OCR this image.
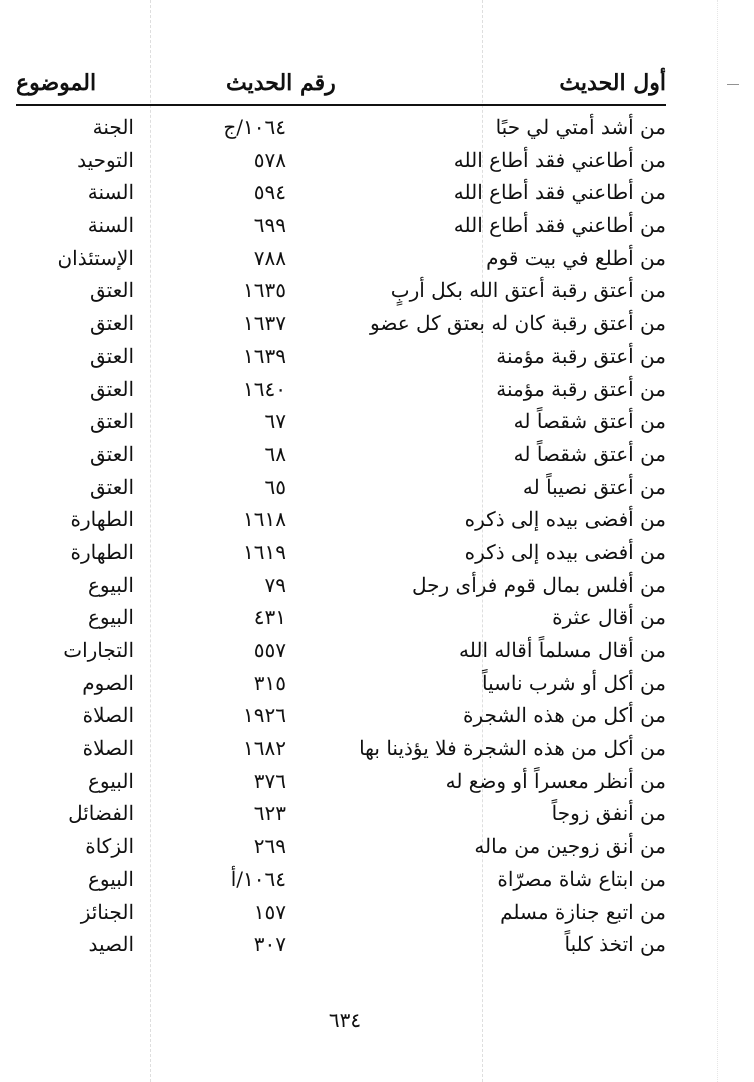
أول الحديث
رقم الحديث
الموضوع
من أشد أمتي لي حبًا
١٠٦٤/ج
الجنة
من أطاعني فقد أطاع الله
٥٧٨
التوحيد
من أطاعني فقد أطاع الله
٥٩٤
السنة
من أطاعني فقد أطاع الله
٦٩٩
السنة
من أطلع في بيت قوم
٧٨٨
الإستئذان
من أعتق رقبة أعتق الله بكل أربٍ
١٦٣٥
العتق
من أعتق رقبة كان له بعتق كل عضو
١٦٣٧
العتق
من أعتق رقبة مؤمنة
١٦٣٩
العتق
من أعتق رقبة مؤمنة
١٦٤٠
العتق
من أعتق شقصاً له
٦٧
العتق
من أعتق شقصاً له
٦٨
العتق
من أعتق نصيباً له
٦٥
العتق
من أفضى بيده إلى ذكره
١٦١٨
الطهارة
من أفضى بيده إلى ذكره
١٦١٩
الطهارة
من أفلس بمال قوم فرأى رجل
٧٩
البيوع
من أقال عثرة
٤٣١
البيوع
من أقال مسلماً أقاله الله
٥٥٧
التجارات
من أكل أو شرب ناسياً
٣١٥
الصوم
من أكل من هذه الشجرة
١٩٢٦
الصلاة
من أكل من هذه الشجرة فلا يؤذينا بها
١٦٨٢
الصلاة
من أنظر معسراً أو وضع له
٣٧٦
البيوع
من أنفق زوجاً
٦٢٣
الفضائل
من أنق زوجين من ماله
٢٦٩
الزكاة
من ابتاع شاة مصرّاة
١٠٦٤/أ
البيوع
من اتبع جنازة مسلم
١٥٧
الجنائز
من اتخذ كلباً
٣٠٧
الصيد
٦٣٤
